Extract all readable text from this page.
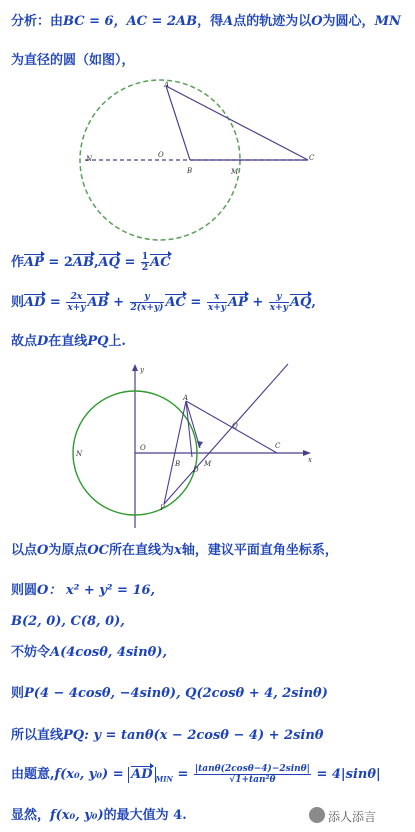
分析：由BC = 6，AC = 2AB，得A点的轨迹为以O为圆心，MN
为直径的圆（如图），
A
N	O
B	M
C
作AP = $2AB,AQ = \frac{1}{2}$ AC
则AD = $\frac{2x}{x+y}$ AB + $\frac{y}{2(x+y)}$ AC = $\frac{x}{x+y}$ AP + $\frac{y}{x+y}$ AQ,
故点D在直线PQ上.
y
x
N
O
A
Q
B
D
M
C
P
以点O为原点OC所在直线为x轴，建议平面直角坐标系，
则圆O： x² + y² = 16,
B(2, 0), C(8, 0),
不妨令A(4cosθ, 4sinθ),
则P(4 − 4cosθ, −4sinθ), Q(2cosθ + 4, 2sinθ)
所以直线PQ: y = tanθ(x − 2cosθ − 4) + 2sinθ
由题意,f(x₀, y₀) = AD $_{MIN} = \frac{|\tan\theta(2\cos\theta-4)-2\sin\theta|}{\text{√1+tan²θ}} = 4|\sin\theta|$
显然，f(x₀, y₀)的最大值为 4.	添人添言
